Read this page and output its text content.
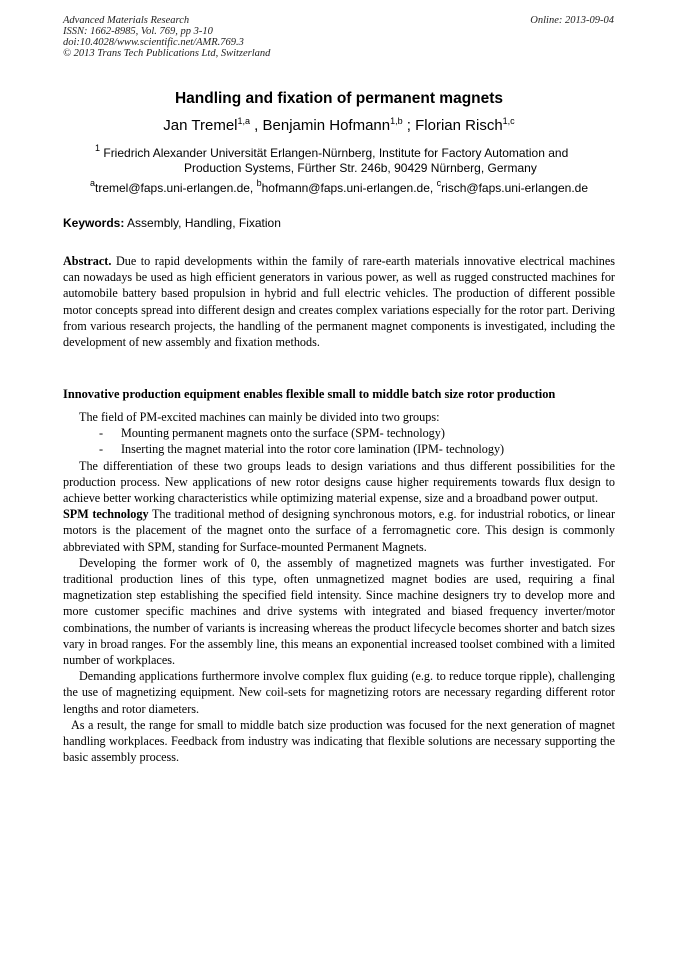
Advanced Materials Research
ISSN: 1662-8985, Vol. 769, pp 3-10
doi:10.4028/www.scientific.net/AMR.769.3
© 2013 Trans Tech Publications Ltd, Switzerland
Online: 2013-09-04
Handling and fixation of permanent magnets
Jan Tremel$^{1,a}$ , Benjamin Hofmann$^{1,b}$ ; Florian Risch$^{1,c}$
$^1$ Friedrich Alexander Universität Erlangen-Nürnberg, Institute for Factory Automation and
Production Systems, Fürther Str. 246b, 90429 Nürnberg, Germany
$^a$tremel@faps.uni-erlangen.de, $^b$hofmann@faps.uni-erlangen.de, $^c$risch@faps.uni-erlangen.de
Keywords: Assembly, Handling, Fixation

Abstract. Due to rapid developments within the family of rare-earth materials innovative electrical machines can nowadays be used as high efficient generators in various power, as well as rugged constructed machines for automobile battery based propulsion in hybrid and full electric vehicles. The production of different possible motor concepts spread into different design and creates complex variations especially for the rotor part. Deriving from various research projects, the handling of the permanent magnet components is investigated, including the development of new assembly and fixation methods.

Innovative production equipment enables flexible small to middle batch size rotor production

The field of PM-excited machines can mainly be divided into two groups:

-	Mounting permanent magnets onto the surface (SPM- technology)
-	Inserting the magnet material into the rotor core lamination (IPM- technology)

The differentiation of these two groups leads to design variations and thus different possibilities for the production process. New applications of new rotor designs cause higher requirements towards flux design to achieve better working characteristics while optimizing material expense, size and a broadband power output.

SPM technology The traditional method of designing synchronous motors, e.g. for industrial robotics, or linear motors is the placement of the magnet onto the surface of a ferromagnetic core. This design is commonly abbreviated with SPM, standing for Surface-mounted Permanent Magnets.

Developing the former work of 0, the assembly of magnetized magnets was further investigated. For traditional production lines of this type, often unmagnetized magnet bodies are used, requiring a final magnetization step establishing the specified field intensity. Since machine designers try to develop more and more customer specific machines and drive systems with integrated and biased frequency inverter/motor combinations, the number of variants is increasing whereas the product lifecycle becomes shorter and batch sizes vary in broad ranges. For the assembly line, this means an exponential increased toolset combined with a limited number of workplaces.

Demanding applications furthermore involve complex flux guiding (e.g. to reduce torque ripple), challenging the use of magnetizing equipment. New coil-sets for magnetizing rotors are necessary regarding different rotor lengths and rotor diameters.

As a result, the range for small to middle batch size production was focused for the next generation of magnet handling workplaces. Feedback from industry was indicating that flexible solutions are necessary supporting the basic assembly process.
